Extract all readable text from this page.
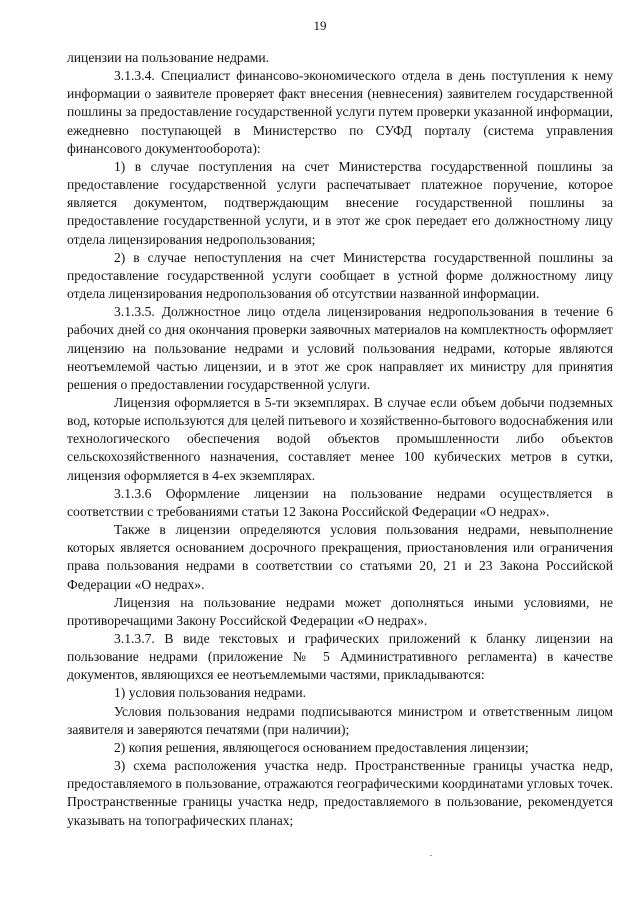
19

лицензии на пользование недрами.

3.1.3.4. Специалист финансово-экономического отдела в день поступления к нему информации о заявителе проверяет факт внесения (невнесения) заявителем государственной пошлины за предоставление государственной услуги путем проверки указанной информации, ежедневно поступающей в Министерство по СУФД порталу (система управления финансового документооборота):

1) в случае поступления на счет Министерства государственной пошлины за предоставление государственной услуги распечатывает платежное поручение, которое является документом, подтверждающим внесение государственной пошлины за предоставление государственной услуги, и в этот же срок передает его должностному лицу отдела лицензирования недропользования;

2) в случае непоступления на счет Министерства государственной пошлины за предоставление государственной услуги сообщает в устной форме должностному лицу отдела лицензирования недропользования об отсутствии названной информации.

3.1.3.5. Должностное лицо отдела лицензирования недропользования в течение 6 рабочих дней со дня окончания проверки заявочных материалов на комплектность оформляет лицензию на пользование недрами и условий пользования недрами, которые являются неотъемлемой частью лицензии, и в этот же срок направляет их министру для принятия решения о предоставлении государственной услуги.

Лицензия оформляется в 5-ти экземплярах. В случае если объем добычи подземных вод, которые используются для целей питьевого и хозяйственно-бытового водоснабжения или технологического обеспечения водой объектов промышленности либо объектов сельскохозяйственного назначения, составляет менее 100 кубических метров в сутки, лицензия оформляется в 4-ех экземплярах.

3.1.3.6 Оформление лицензии на пользование недрами осуществляется в соответствии с требованиями статьи 12 Закона Российской Федерации «О недрах».

Также в лицензии определяются условия пользования недрами, невыполнение которых является основанием досрочного прекращения, приостановления или ограничения права пользования недрами в соответствии со статьями 20, 21 и 23 Закона Российской Федерации «О недрах».

Лицензия на пользование недрами может дополняться иными условиями, не противоречащими Закону Российской Федерации «О недрах».

3.1.3.7. В виде текстовых и графических приложений к бланку лицензии на пользование недрами (приложение № 5 Административного регламента) в качестве документов, являющихся ее неотъемлемыми частями, прикладываются:

1) условия пользования недрами.

Условия пользования недрами подписываются министром и ответственным лицом заявителя и заверяются печатями (при наличии);

2) копия решения, являющегося основанием предоставления лицензии;

3) схема расположения участка недр. Пространственные границы участка недр, предоставляемого в пользование, отражаются географическими координатами угловых точек. Пространственные границы участка недр, предоставляемого в пользование, рекомендуется указывать на топографических планах;
